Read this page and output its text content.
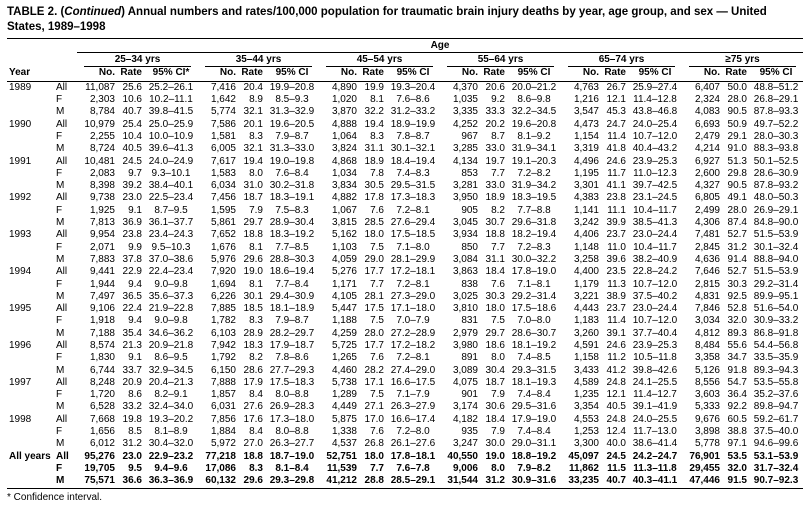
TABLE 2. (Continued) Annual numbers and rates/100,000 population for traumatic brain injury deaths by year, age group, and sex — United States, 1989–1998

		Age																	

		25–34 yrs			35–44 yrs			45–54 yrs			55–64 yrs			65–74 yrs			≥75 yrs		

Year		No.	Rate	95% CI*	No.	Rate	95% CI	No.	Rate	95% CI	No.	Rate	95% CI	No.	Rate	95% CI	No.	Rate	95% CI
1989	All	11,087	25.6	25.2–26.1	7,416	20.4	19.9–20.8	4,890	19.9	19.3–20.4	4,370	20.6	20.0–21.2	4,763	26.7	25.9–27.4	6,407	50.0	48.8–51.2
	F	2,303	10.6	10.2–11.1	1,642	8.9	8.5–9.3	1,020	8.1	7.6–8.6	1,035	9.2	8.6–9.8	1,216	12.1	11.4–12.8	2,324	28.0	26.8–29.1
	M	8,784	40.7	39.8–41.5	5,774	32.1	31.3–32.9	3,870	32.2	31.2–33.2	3,335	33.3	32.2–34.5	3,547	45.3	43.8–46.8	4,083	90.5	87.8–93.3
1990	All	10,979	25.4	25.0–25.9	7,586	20.1	19.6–20.5	4,888	19.4	18.9–19.9	4,252	20.2	19.6–20.8	4,473	24.7	24.0–25.4	6,693	50.9	49.7–52.2
	F	2,255	10.4	10.0–10.9	1,581	8.3	7.9–8.7	1,064	8.3	7.8–8.7	967	8.7	8.1–9.2	1,154	11.4	10.7–12.0	2,479	29.1	28.0–30.3
	M	8,724	40.5	39.6–41.3	6,005	32.1	31.3–33.0	3,824	31.1	30.1–32.1	3,285	33.0	31.9–34.1	3,319	41.8	40.4–43.2	4,214	91.0	88.3–93.8
1991	All	10,481	24.5	24.0–24.9	7,617	19.4	19.0–19.8	4,868	18.9	18.4–19.4	4,134	19.7	19.1–20.3	4,496	24.6	23.9–25.3	6,927	51.3	50.1–52.5
	F	2,083	9.7	9.3–10.1	1,583	8.0	7.6–8.4	1,034	7.8	7.4–8.3	853	7.7	7.2–8.2	1,195	11.7	11.0–12.3	2,600	29.8	28.6–30.9
	M	8,398	39.2	38.4–40.1	6,034	31.0	30.2–31.8	3,834	30.5	29.5–31.5	3,281	33.0	31.9–34.2	3,301	41.1	39.7–42.5	4,327	90.5	87.8–93.2
1992	All	9,738	23.0	22.5–23.4	7,456	18.7	18.3–19.1	4,882	17.8	17.3–18.3	3,950	18.9	18.3–19.5	4,383	23.8	23.1–24.5	6,805	49.1	48.0–50.3
	F	1,925	9.1	8.7–9.5	1,595	7.9	7.5–8.3	1,067	7.6	7.2–8.1	905	8.2	7.7–8.8	1,141	11.1	10.4–11.7	2,499	28.0	26.9–29.1
	M	7,813	36.9	36.1–37.7	5,861	29.7	28.9–30.4	3,815	28.5	27.6–29.4	3,045	30.7	29.6–31.8	3,242	39.9	38.5–41.3	4,306	87.4	84.8–90.0
1993	All	9,954	23.8	23.4–24.3	7,652	18.8	18.3–19.2	5,162	18.0	17.5–18.5	3,934	18.8	18.2–19.4	4,406	23.7	23.0–24.4	7,481	52.7	51.5–53.9
	F	2,071	9.9	9.5–10.3	1,676	8.1	7.7–8.5	1,103	7.5	7.1–8.0	850	7.7	7.2–8.3	1,148	11.0	10.4–11.7	2,845	31.2	30.1–32.4
	M	7,883	37.8	37.0–38.6	5,976	29.6	28.8–30.3	4,059	29.0	28.1–29.9	3,084	31.1	30.0–32.2	3,258	39.6	38.2–40.9	4,636	91.4	88.8–94.0
1994	All	9,441	22.9	22.4–23.4	7,920	19.0	18.6–19.4	5,276	17.7	17.2–18.1	3,863	18.4	17.8–19.0	4,400	23.5	22.8–24.2	7,646	52.7	51.5–53.9
	F	1,944	9.4	9.0–9.8	1,694	8.1	7.7–8.4	1,171	7.7	7.2–8.1	838	7.6	7.1–8.1	1,179	11.3	10.7–12.0	2,815	30.3	29.2–31.4
	M	7,497	36.5	35.6–37.3	6,226	30.1	29.4–30.9	4,105	28.1	27.3–29.0	3,025	30.3	29.2–31.4	3,221	38.9	37.5–40.2	4,831	92.5	89.9–95.1
1995	All	9,106	22.4	21.9–22.8	7,885	18.5	18.1–18.9	5,447	17.5	17.1–18.0	3,810	18.0	17.5–18.6	4,443	23.7	23.0–24.4	7,846	52.8	51.6–54.0
	F	1,918	9.4	9.0–9.8	1,782	8.3	7.9–8.7	1,188	7.5	7.0–7.9	831	7.5	7.0–8.0	1,183	11.4	10.7–12.0	3,034	32.0	30.9–33.2
	M	7,188	35.4	34.6–36.2	6,103	28.9	28.2–29.7	4,259	28.0	27.2–28.9	2,979	29.7	28.6–30.7	3,260	39.1	37.7–40.4	4,812	89.3	86.8–91.8
1996	All	8,574	21.3	20.9–21.8	7,942	18.3	17.9–18.7	5,725	17.7	17.2–18.2	3,980	18.6	18.1–19.2	4,591	24.6	23.9–25.3	8,484	55.6	54.4–56.8
	F	1,830	9.1	8.6–9.5	1,792	8.2	7.8–8.6	1,265	7.6	7.2–8.1	891	8.0	7.4–8.5	1,158	11.2	10.5–11.8	3,358	34.7	33.5–35.9
	M	6,744	33.7	32.9–34.5	6,150	28.6	27.7–29.3	4,460	28.2	27.4–29.0	3,089	30.4	29.3–31.5	3,433	41.2	39.8–42.6	5,126	91.8	89.3–94.3
1997	All	8,248	20.9	20.4–21.3	7,888	17.9	17.5–18.3	5,738	17.1	16.6–17.5	4,075	18.7	18.1–19.3	4,589	24.8	24.1–25.5	8,556	54.7	53.5–55.8
	F	1,720	8.6	8.2–9.1	1,857	8.4	8.0–8.8	1,289	7.5	7.1–7.9	901	7.9	7.4–8.4	1,235	12.1	11.4–12.7	3,603	36.4	35.2–37.6
	M	6,528	33.2	32.4–34.0	6,031	27.6	26.9–28.3	4,449	27.1	26.3–27.9	3,174	30.6	29.5–31.6	3,354	40.5	39.1–41.9	5,333	92.2	89.8–94.7
1998	All	7,668	19.8	19.3–20.2	7,856	17.6	17.3–18.0	5,875	17.0	16.6–17.4	4,182	18.4	17.9–19.0	4,553	24.8	24.0–25.5	9,676	60.5	59.2–61.7
	F	1,656	8.5	8.1–8.9	1,884	8.4	8.0–8.8	1,338	7.6	7.2–8.0	935	7.9	7.4–8.4	1,253	12.4	11.7–13.0	3,898	38.8	37.5–40.0
	M	6,012	31.2	30.4–32.0	5,972	27.0	26.3–27.7	4,537	26.8	26.1–27.6	3,247	30.0	29.0–31.1	3,300	40.0	38.6–41.4	5,778	97.1	94.6–99.6
All years	All	95,276	23.0	22.9–23.2	77,218	18.8	18.7–19.0	52,751	18.0	17.8–18.1	40,550	19.0	18.8–19.2	45,097	24.5	24.2–24.7	76,901	53.5	53.1–53.9
	F	19,705	9.5	9.4–9.6	17,086	8.3	8.1–8.4	11,539	7.7	7.6–7.8	9,006	8.0	7.9–8.2	11,862	11.5	11.3–11.8	29,455	32.0	31.7–32.4
	M	75,571	36.6	36.3–36.9	60,132	29.6	29.3–29.8	41,212	28.8	28.5–29.1	31,544	31.2	30.9–31.6	33,235	40.7	40.3–41.1	47,446	91.5	90.7–92.3
* Confidence interval.
